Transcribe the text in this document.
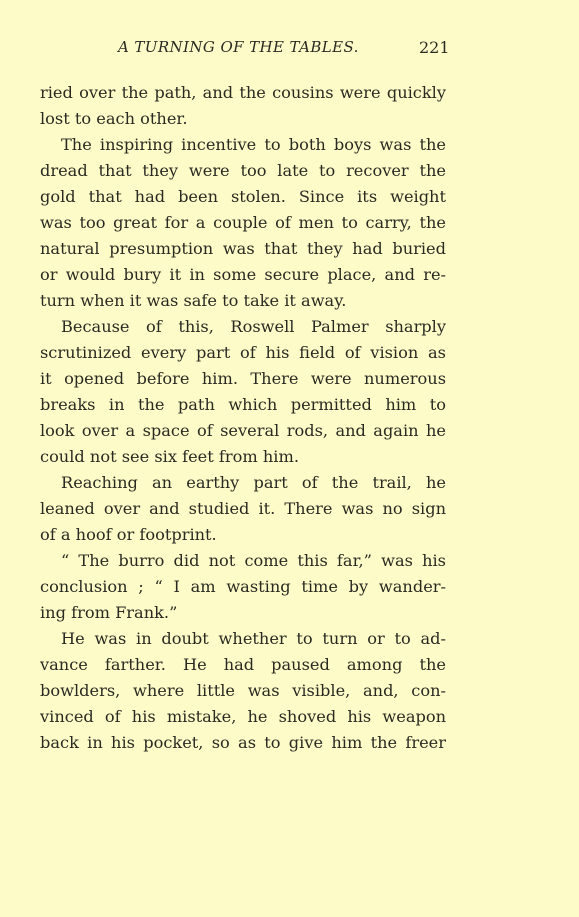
A TURNING OF THE TABLES.	221
ried over the path, and the cousins were quickly
lost to each other.
The inspiring incentive to both boys was the
dread that they were too late to recover the
gold that had been stolen. Since its weight
was too great for a couple of men to carry, the
natural presumption was that they had buried
or would bury it in some secure place, and re-
turn when it was safe to take it away.
Because of this, Roswell Palmer sharply
scrutinized every part of his field of vision as
it opened before him. There were numerous
breaks in the path which permitted him to
look over a space of several rods, and again he
could not see six feet from him.
Reaching an earthy part of the trail, he
leaned over and studied it. There was no sign
of a hoof or footprint.
“ The burro did not come this far,” was his
conclusion ; “ I am wasting time by wander-
ing from Frank.”
He was in doubt whether to turn or to ad-
vance farther. He had paused among the
bowlders, where little was visible, and, con-
vinced of his mistake, he shoved his weapon
back in his pocket, so as to give him the freer
